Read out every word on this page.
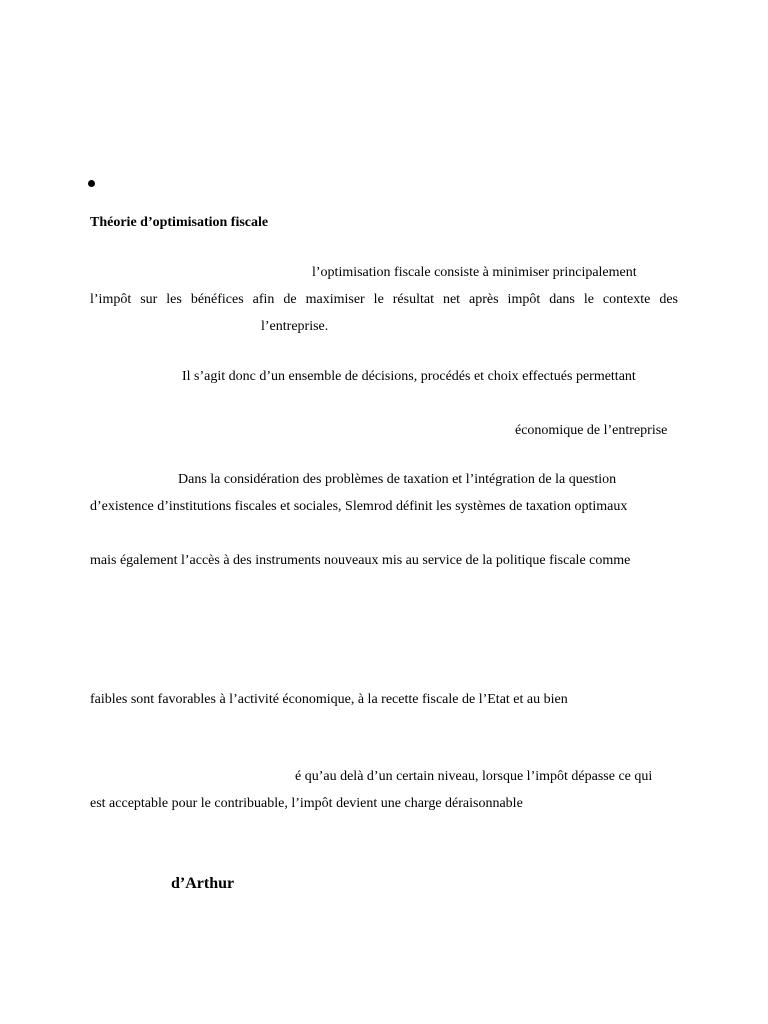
Théorie d’optimisation fiscale
l’optimisation fiscale consiste à minimiser principalement
l’impôt sur les bénéfices afin de maximiser le résultat net après impôt dans le contexte des
l’entreprise.
Il s’agit donc d’un ensemble de décisions, procédés et choix effectués permettant
économique de l’entreprise
Dans la considération des problèmes de taxation et l’intégration de la question
d’existence d’institutions fiscales et sociales, Slemrod définit les systèmes de taxation optimaux
mais également l’accès à des instruments nouveaux mis au service de la politique fiscale comme
faibles sont favorables à l’activité économique, à la recette fiscale de l’Etat et au bien
é qu’au delà d’un certain niveau, lorsque l’impôt dépasse ce qui
est acceptable pour le contribuable, l’impôt devient une charge déraisonnable
d’Arthur
